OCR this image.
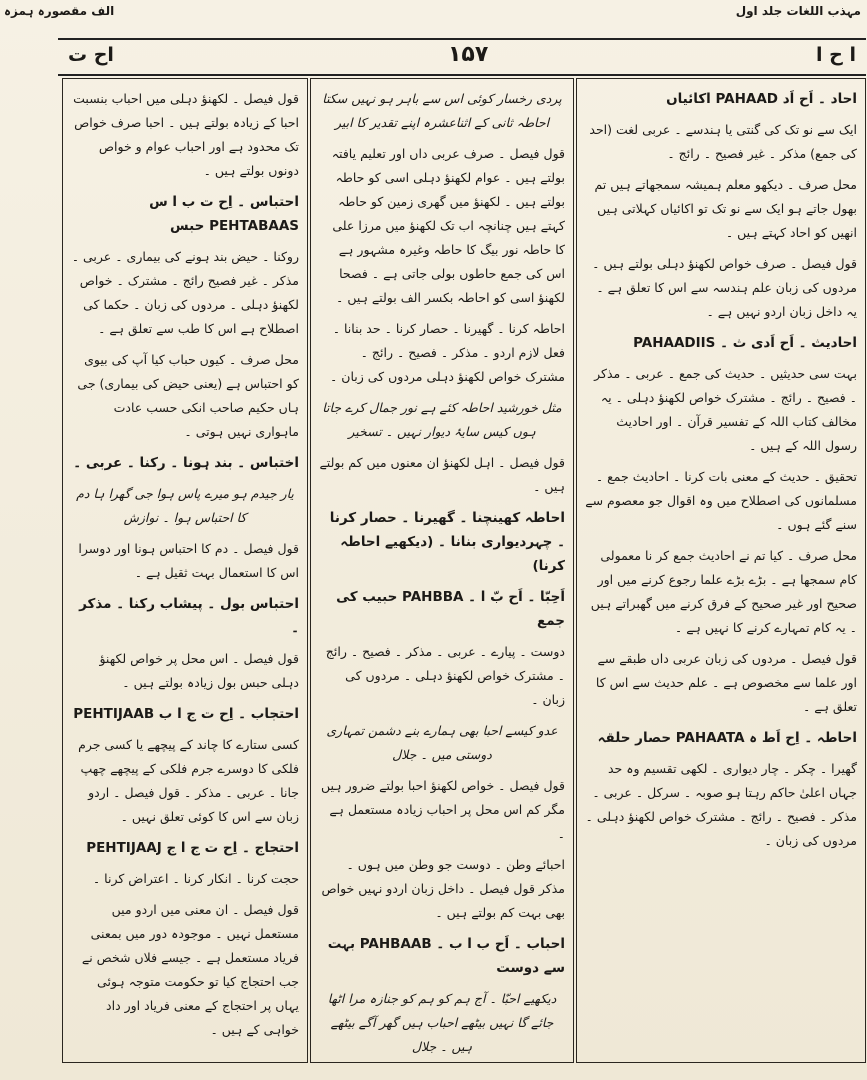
مہذب اللغات جلد اول
الف مقصورہ ہمزہ
اح ت	۱۵۷	ا ح ا

احاد ۔ اَح اَد PAHAAD اکائیاں

ایک سے نو تک کی گنتی یا ہندسے ۔ عربی لغت (احد کی جمع) مذکر ۔ غیر فصیح ۔ رائج ۔

محل صرف ۔ دیکھو معلم ہمیشہ سمجھاتے ہیں تم بھول جاتے ہو ایک سے نو تک تو اکائیاں کہلاتی ہیں انھیں کو احاد کہتے ہیں ۔

قول فیصل ۔ صرف خواص لکھنؤ دہلی بولتے ہیں ۔ مردوں کی زبان علم ہندسہ سے اس کا تعلق ہے ۔ یہ داخل زبان اردو نہیں ہے ۔

احادیث ۔ اَح اَدی ث ۔ PAHAADIIS

بہت سی حدیثیں ۔ حدیث کی جمع ۔ عربی ۔ مذکر ۔ فصیح ۔ رائج ۔ مشترک خواص لکھنؤ دہلی ۔ یہ مخالف کتاب اللہ کے تفسیر قرآن ۔ اور احادیث رسول اللہ کے ہیں ۔

تحقیق ۔ حدیث کے معنی بات کرنا ۔ احادیث جمع ۔ مسلمانوں کی اصطلاح میں وہ اقوال جو معصوم سے سنے گئے ہوں ۔

محل صرف ۔ کیا تم نے احادیث جمع کر نا معمولی کام سمجھا ہے ۔ بڑے بڑے علما رجوع کرنے میں اور صحیح اور غیر صحیح کے فرق کرنے میں گھبراتے ہیں ۔ یہ کام تمہارے کرنے کا نہیں ہے ۔

قول فیصل ۔ مردوں کی زبان عربی داں طبقے سے اور علما سے مخصوص ہے ۔ علم حدیث سے اس کا تعلق ہے ۔

احاطہ ۔ اِح اَط ہ PAHAATA حصار حلقہ

گھیرا ۔ چکر ۔ چار دیواری ۔ لکھی تقسیم وہ حد جہاں اعلیٰ حاکم رہتا ہو صوبہ ۔ سرکل ۔ عربی ۔ مذکر ۔ فصیح ۔ رائج ۔ مشترک خواص لکھنؤ دہلی ۔ مردوں کی زبان ۔

پردی رخسار کوئی اس سے باہر ہو نہیں سکتا احاطہ ثانی کے اثناعشرہ اپنے تقدیر کا ابیر

قول فیصل ۔ صرف عربی داں اور تعلیم یافتہ بولتے ہیں ۔ عوام لکھنؤ دہلی اسی کو حاطہ بولتے ہیں ۔ لکھنؤ میں گھری زمین کو حاطہ کہتے ہیں چنانچہ اب تک لکھنؤ میں مرزا علی کا حاطہ نور بیگ کا حاطہ وغیرہ مشہور ہے اس کی جمع حاطوں بولی جاتی ہے ۔ فصحا لکھنؤ اسی کو احاطہ بکسر الف بولتے ہیں ۔

احاطہ کرنا ۔ گھیرنا ۔ حصار کرنا ۔ حد بنانا ۔ فعل لازم اردو ۔ مذکر ۔ فصیح ۔ رائج ۔ مشترک خواص لکھنؤ دہلی مردوں کی زبان ۔

مثل خورشید احاطہ کئے ہے نور جمال کرے جاتا ہوں کیس سایۂ دیوار نہیں ۔ تسخیر

قول فیصل ۔ اہل لکھنؤ ان معنوں میں کم بولتے ہیں ۔

احاطہ کھینچنا ۔ گھیرنا ۔ حصار کرنا ۔ چہردیواری بنانا ۔ (دیکھیے احاطہ کرنا)

اَحِبّا ۔ اَح بّ ا ۔ PAHBBA حبیب کی جمع

دوست ۔ پیارے ۔ عربی ۔ مذکر ۔ فصیح ۔ رائج ۔ مشترک خواص لکھنؤ دہلی ۔ مردوں کی زبان ۔

عدو کیسے احبا بھی ہمارے بنے دشمن تمہاری دوستی میں ۔ جلال

قول فیصل ۔ خواص لکھنؤ احبا بولتے ضرور ہیں مگر کم اس محل پر احباب زیادہ مستعمل ہے ۔

احبائے وطن ۔ دوست جو وطن میں ہوں ۔ مذکر قول فیصل ۔ داخل زبان اردو نہیں خواص بھی بہت کم بولتے ہیں ۔

احباب ۔ اَح ب ا ب ۔ PAHBAAB بہت سے دوست

دیکھیے احبّا ۔ آج ہم کو ہم کو جنازہ مرا اٹھا جائے گا نہیں بیٹھے احباب ہیں گھر آگے بیٹھے ہیں ۔ جلال

قول فیصل ۔ لکھنؤ دہلی میں احباب بنسبت احبا کے زیادہ بولتے ہیں ۔ احبا صرف خواص تک محدود ہے اور احباب عوام و خواص دونوں بولتے ہیں ۔

احتباس ۔ اِح ت ب ا س PEHTABAAS حبس

روکنا ۔ حیض بند ہونے کی بیماری ۔ عربی ۔ مذکر ۔ غیر فصیح رائج ۔ مشترک ۔ خواص لکھنؤ دہلی ۔ مردوں کی زبان ۔ حکما کی اصطلاح ہے اس کا طب سے تعلق ہے ۔

محل صرف ۔ کیوں حباب کیا آپ کی بیوی کو احتباس ہے (یعنی حیض کی بیماری) جی ہاں حکیم صاحب انکی حسب عادت ماہواری نہیں ہوتی ۔

اختباس ۔ بند ہونا ۔ رکنا ۔ عربی ۔

یار جیدم ہو میرے پاس ہوا جی گھرا ہا دم کا احتباس ہوا ۔ نوازش

قول فیصل ۔ دم کا احتباس ہونا اور دوسرا اس کا استعمال بہت ثقیل ہے ۔

احتباس بول ۔ پیشاب رکنا ۔ مذکر ۔

قول فیصل ۔ اس محل پر خواص لکھنؤ دہلی حبس بول زیادہ بولتے ہیں ۔

احتجاب ۔ اِح ت ج ا ب PEHTIJAAB

کسی ستارے کا چاند کے پیچھے یا کسی جرم فلکی کا دوسرے جرم فلکی کے پیچھے چھپ جانا ۔ عربی ۔ مذکر ۔ قول فیصل ۔ اردو زبان سے اس کا کوئی تعلق نہیں ۔

احتجاج ۔ اِح ت ج ا ج PEHTIJAAJ

حجت کرنا ۔ انکار کرنا ۔ اعتراض کرنا ۔

قول فیصل ۔ ان معنی میں اردو میں مستعمل نہیں ۔ موجودہ دور میں بمعنی فریاد مستعمل ہے ۔ جیسے فلاں شخص نے جب احتجاج کیا تو حکومت متوجہ ہوئی یہاں پر احتجاج کے معنی فریاد اور داد خواہی کے ہیں ۔
